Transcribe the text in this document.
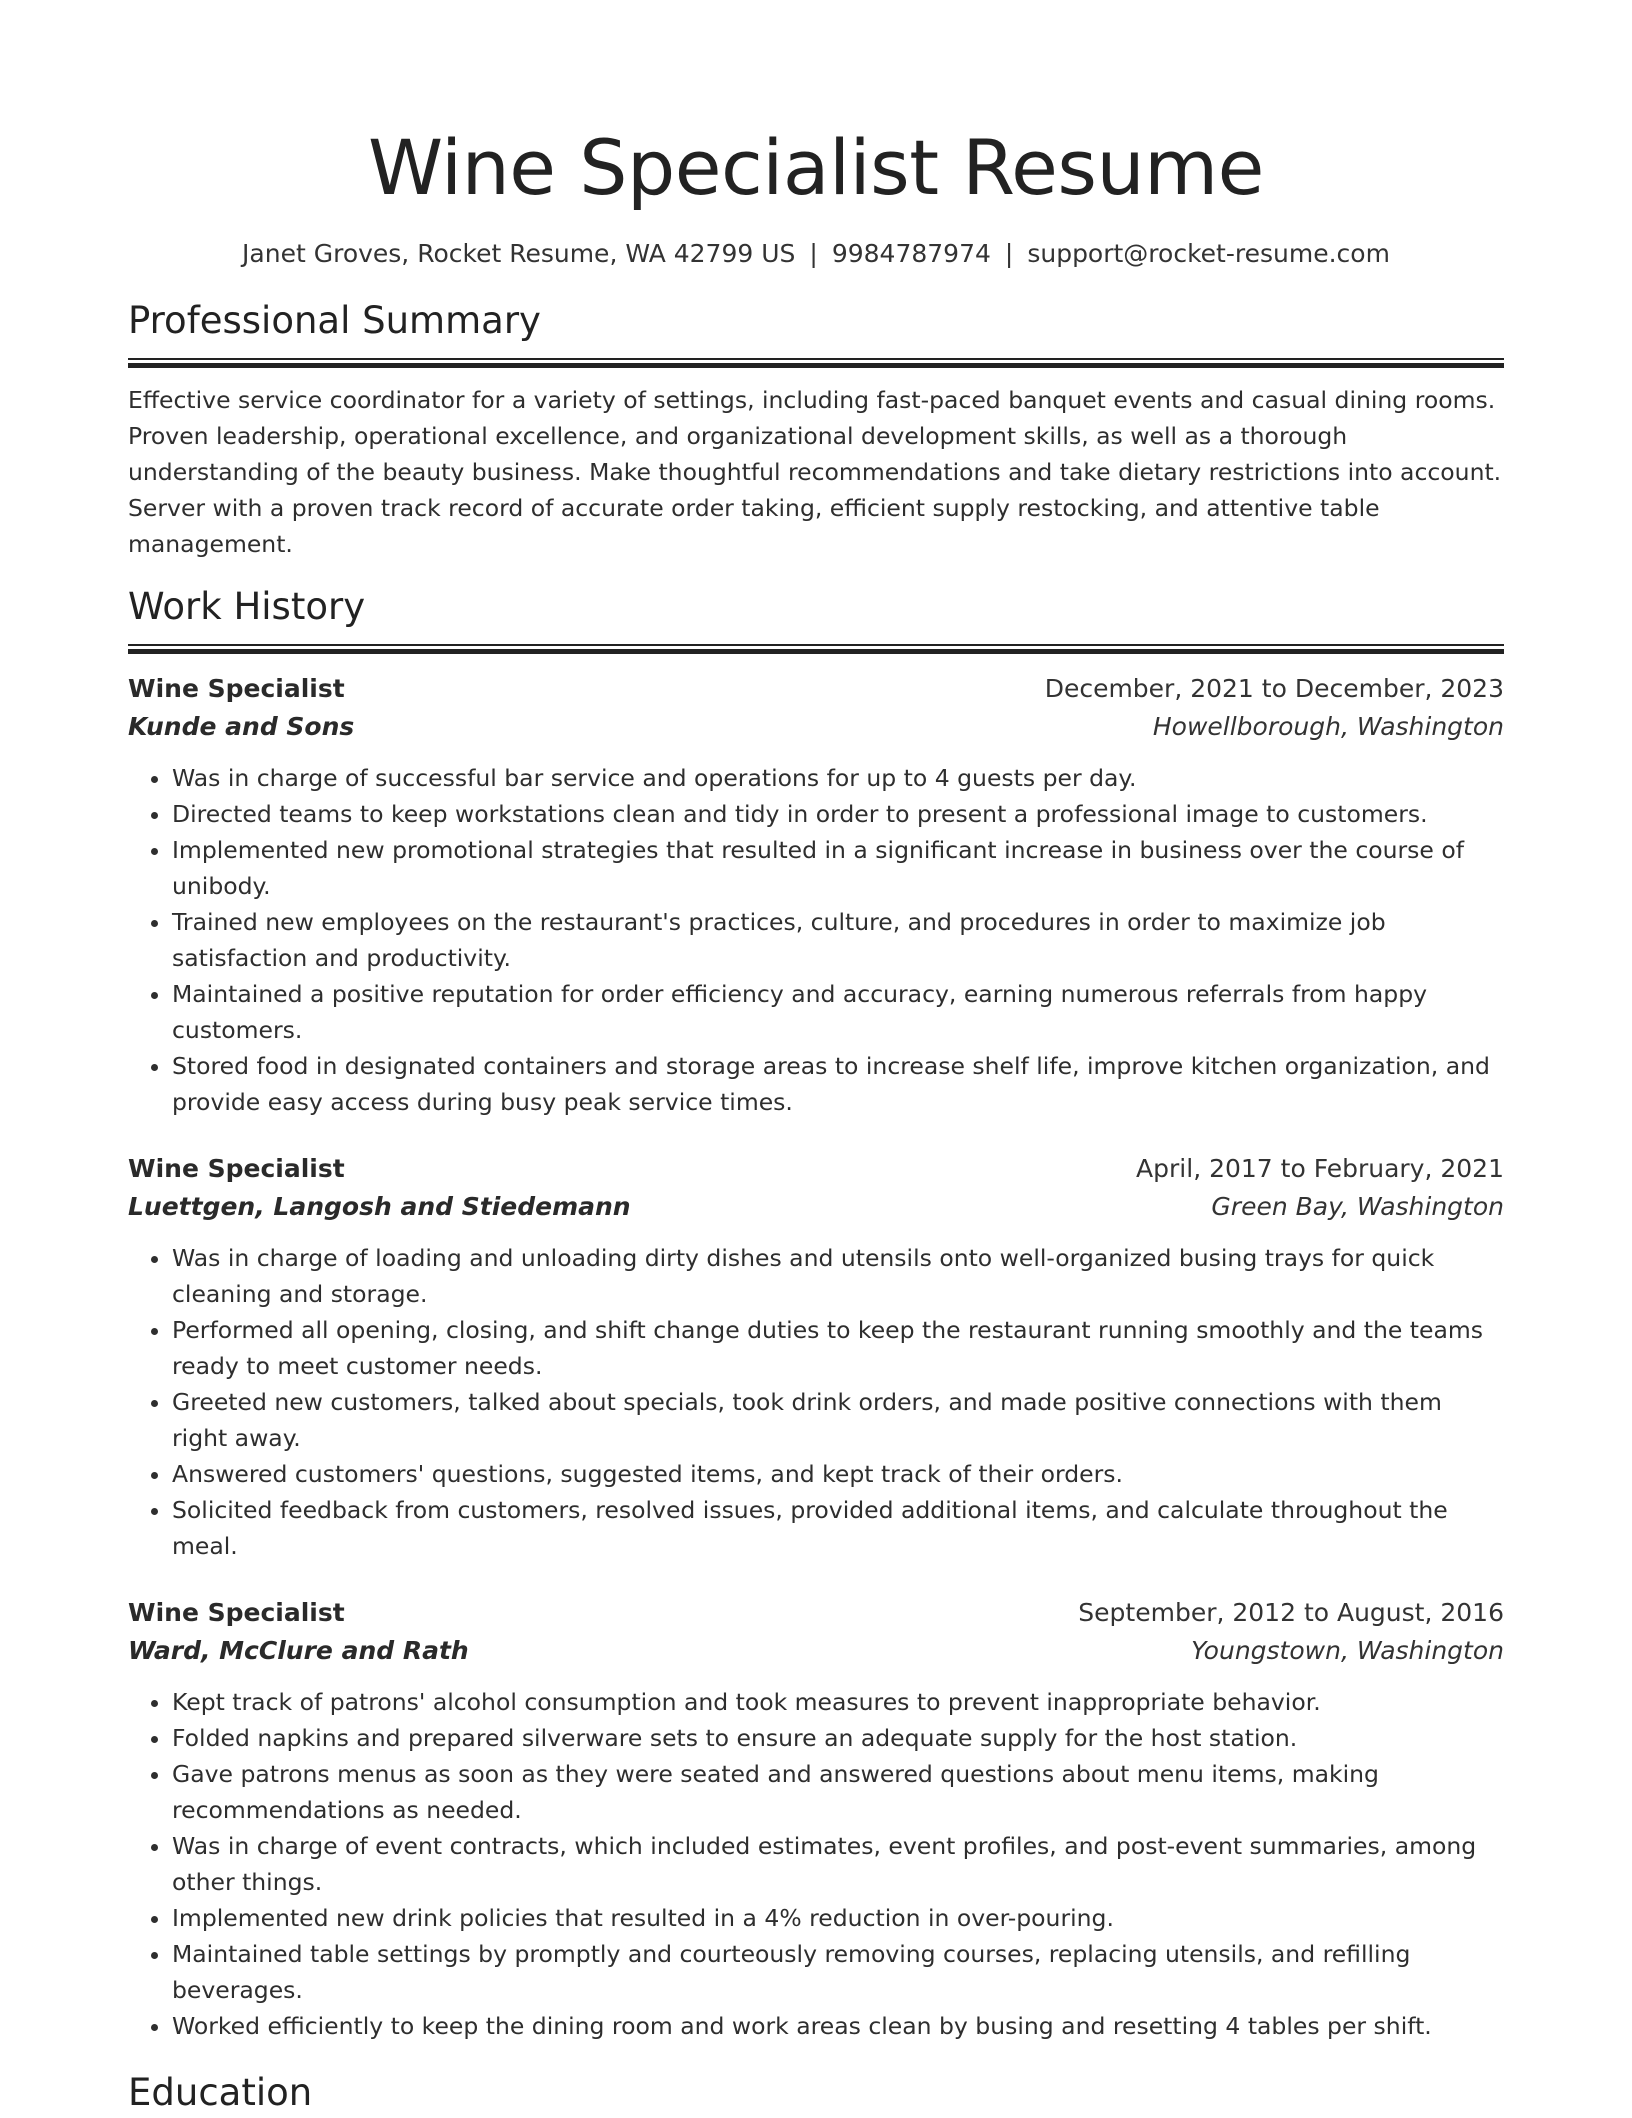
Wine Specialist Resume
Janet Groves, Rocket Resume, WA 42799 US | 9984787974 | support@rocket-resume.com
Professional Summary

Effective service coordinator for a variety of settings, including fast-paced banquet events and casual dining rooms. Proven leadership, operational excellence, and organizational development skills, as well as a thorough understanding of the beauty business. Make thoughtful recommendations and take dietary restrictions into account. Server with a proven track record of accurate order taking, efficient supply restocking, and attentive table management.

Work History
Wine Specialist	December, 2021 to December, 2023
Kunde and Sons	Howellborough, Washington
• Was in charge of successful bar service and operations for up to 4 guests per day.
• Directed teams to keep workstations clean and tidy in order to present a professional image to customers.
• Implemented new promotional strategies that resulted in a significant increase in business over the course of unibody.
• Trained new employees on the restaurant's practices, culture, and procedures in order to maximize job satisfaction and productivity.
• Maintained a positive reputation for order efficiency and accuracy, earning numerous referrals from happy customers.
• Stored food in designated containers and storage areas to increase shelf life, improve kitchen organization, and provide easy access during busy peak service times.
Wine Specialist	April, 2017 to February, 2021
Luettgen, Langosh and Stiedemann	Green Bay, Washington
• Was in charge of loading and unloading dirty dishes and utensils onto well-organized busing trays for quick cleaning and storage.
• Performed all opening, closing, and shift change duties to keep the restaurant running smoothly and the teams ready to meet customer needs.
• Greeted new customers, talked about specials, took drink orders, and made positive connections with them right away.
• Answered customers' questions, suggested items, and kept track of their orders.
• Solicited feedback from customers, resolved issues, provided additional items, and calculate throughout the meal.
Wine Specialist	September, 2012 to August, 2016
Ward, McClure and Rath	Youngstown, Washington
• Kept track of patrons' alcohol consumption and took measures to prevent inappropriate behavior.
• Folded napkins and prepared silverware sets to ensure an adequate supply for the host station.
• Gave patrons menus as soon as they were seated and answered questions about menu items, making recommendations as needed.
• Was in charge of event contracts, which included estimates, event profiles, and post-event summaries, among other things.
• Implemented new drink policies that resulted in a 4% reduction in over-pouring.
• Maintained table settings by promptly and courteously removing courses, replacing utensils, and refilling beverages.
• Worked efficiently to keep the dining room and work areas clean by busing and resetting 4 tables per shift.
Education
